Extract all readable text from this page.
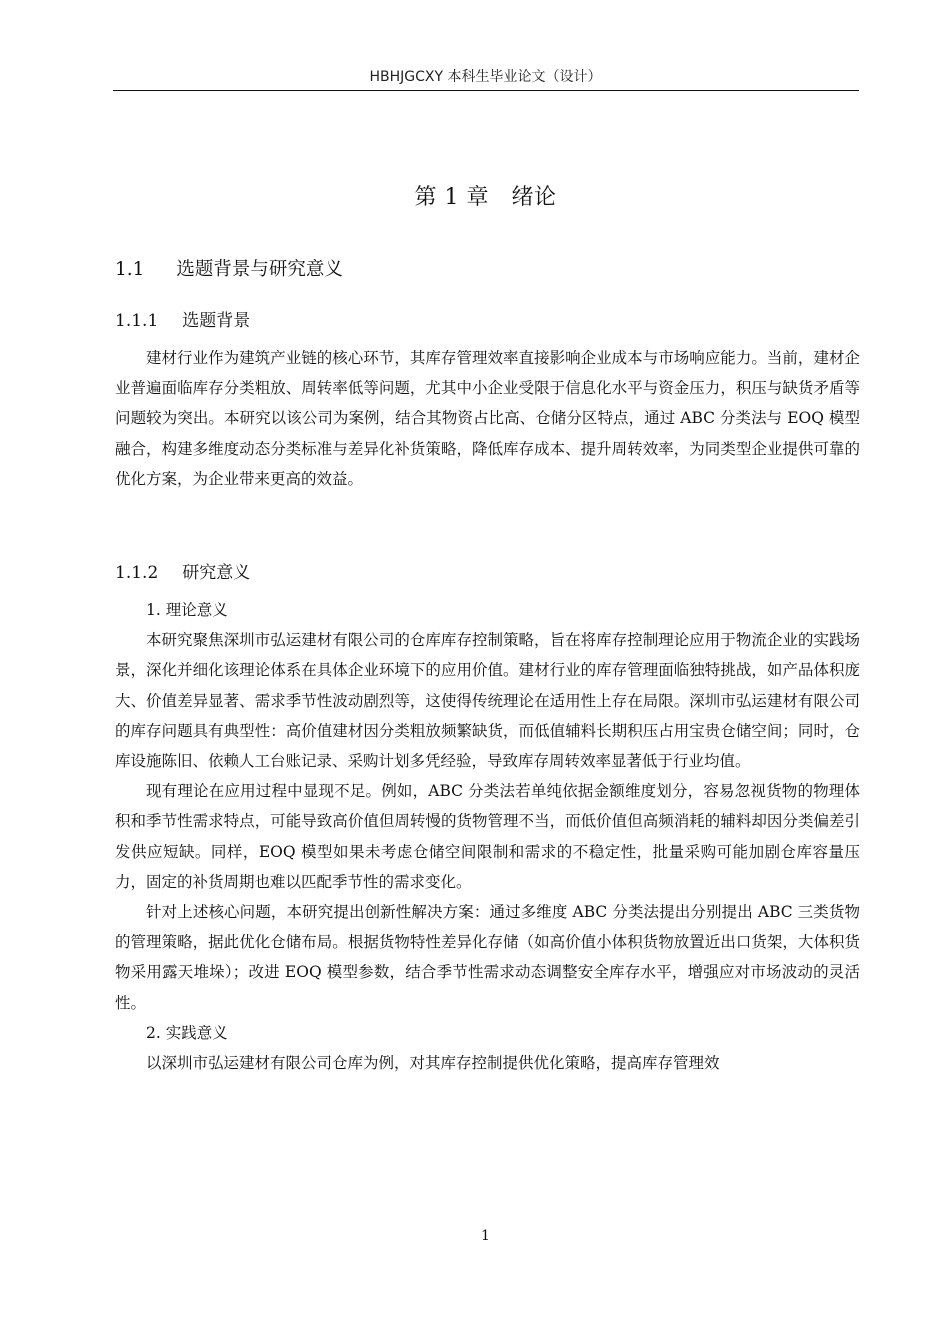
HBHJGCXY 本科生毕业论文（设计）
第 1 章　绪论
1.1 选题背景与研究意义
1.1.1 选题背景

建材行业作为建筑产业链的核心环节，其库存管理效率直接影响企业成本与市场响应能力。当前，建材企业普遍面临库存分类粗放、周转率低等问题，尤其中小企业受限于信息化水平与资金压力，积压与缺货矛盾等问题较为突出。本研究以该公司为案例，结合其物资占比高、仓储分区特点，通过 ABC 分类法与 EOQ 模型融合，构建多维度动态分类标准与差异化补货策略，降低库存成本、提升周转效率，为同类型企业提供可靠的优化方案，为企业带来更高的效益。

1.1.2 研究意义

1. 理论意义

本研究聚焦深圳市弘运建材有限公司的仓库库存控制策略，旨在将库存控制理论应用于物流企业的实践场景，深化并细化该理论体系在具体企业环境下的应用价值。建材行业的库存管理面临独特挑战，如产品体积庞大、价值差异显著、需求季节性波动剧烈等，这使得传统理论在适用性上存在局限。深圳市弘运建材有限公司的库存问题具有典型性：高价值建材因分类粗放频繁缺货，而低值辅料长期积压占用宝贵仓储空间；同时，仓库设施陈旧、依赖人工台账记录、采购计划多凭经验，导致库存周转效率显著低于行业均值。

现有理论在应用过程中显现不足。例如，ABC 分类法若单纯依据金额维度划分，容易忽视货物的物理体积和季节性需求特点，可能导致高价值但周转慢的货物管理不当，而低价值但高频消耗的辅料却因分类偏差引发供应短缺。同样，EOQ 模型如果未考虑仓储空间限制和需求的不稳定性，批量采购可能加剧仓库容量压力，固定的补货周期也难以匹配季节性的需求变化。

针对上述核心问题，本研究提出创新性解决方案：通过多维度 ABC 分类法提出分别提出 ABC 三类货物的管理策略，据此优化仓储布局。根据货物特性差异化存储（如高价值小体积货物放置近出口货架，大体积货物采用露天堆垛）；改进 EOQ 模型参数，结合季节性需求动态调整安全库存水平，增强应对市场波动的灵活性。

2. 实践意义

以深圳市弘运建材有限公司仓库为例，对其库存控制提供优化策略，提高库存管理效

1
